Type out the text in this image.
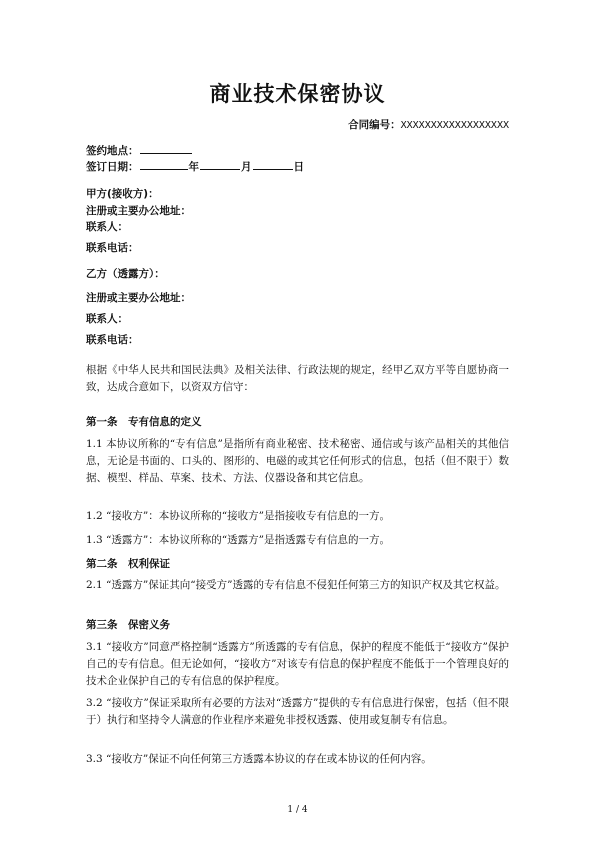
商业技术保密协议
合同编号：XXXXXXXXXXXXXXXXXX
签约地点：
签订日期：	年	月	日
甲方(接收方)：
注册或主要办公地址：
联系人：
联系电话：
乙方（透露方）：
注册或主要办公地址：
联系人：
联系电话：
根据《中华人民共和国民法典》及相关法律、行政法规的规定，经甲乙双方平等自愿协商一致，达成合意如下，以资双方信守：
第一条　专有信息的定义
1.1 本协议所称的“专有信息”是指所有商业秘密、技术秘密、通信或与该产品相关的其他信息，无论是书面的、口头的、图形的、电磁的或其它任何形式的信息，包括（但不限于）数据、模型、样品、草案、技术、方法、仪器设备和其它信息。
1.2 “接收方”：本协议所称的“接收方”是指接收专有信息的一方。
1.3 “透露方”：本协议所称的“透露方”是指透露专有信息的一方。
第二条　权利保证
2.1 “透露方”保证其向“接受方”透露的专有信息不侵犯任何第三方的知识产权及其它权益。
第三条　保密义务
3.1 “接收方”同意严格控制“透露方”所透露的专有信息，保护的程度不能低于“接收方”保护自己的专有信息。但无论如何，“接收方”对该专有信息的保护程度不能低于一个管理良好的技术企业保护自己的专有信息的保护程度。
3.2 “接收方”保证采取所有必要的方法对“透露方”提供的专有信息进行保密，包括（但不限于）执行和坚持令人满意的作业程序来避免非授权透露、使用或复制专有信息。
3.3 “接收方”保证不向任何第三方透露本协议的存在或本协议的任何内容。
1 / 4
